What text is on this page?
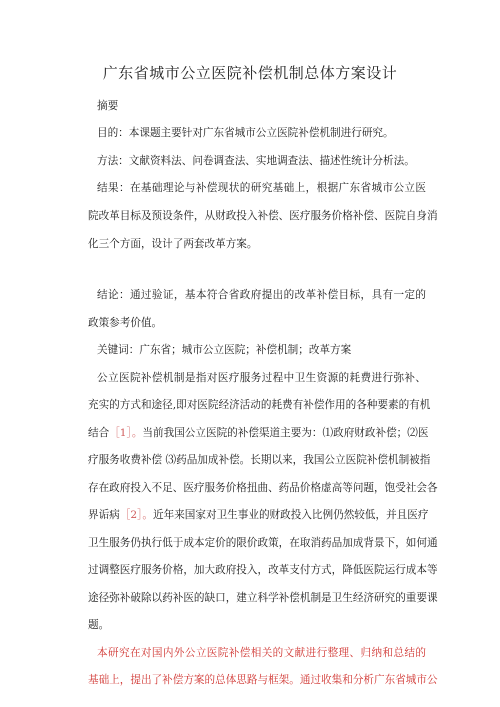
广东省城市公立医院补偿机制总体方案设计
摘要
目的：本课题主要针对广东省城市公立医院补偿机制进行研究。
方法：文献资料法、问卷调查法、实地调查法、描述性统计分析法。
结果：在基础理论与补偿现状的研究基础上，根据广东省城市公立医
院改革目标及预设条件，从财政投入补偿、医疗服务价格补偿、医院自身消
化三个方面，设计了两套改革方案。
结论：通过验证，基本符合省政府提出的改革补偿目标，具有一定的
政策参考价值。
关键词：广东省；城市公立医院；补偿机制；改革方案
公立医院补偿机制是指对医疗服务过程中卫生资源的耗费进行弥补、
充实的方式和途径,即对医院经济活动的耗费有补偿作用的各种要素的有机
结合［1］。当前我国公立医院的补偿渠道主要为：⑴政府财政补偿；⑵医
疗服务收费补偿 ⑶药品加成补偿。长期以来，我国公立医院补偿机制被指
存在政府投入不足、医疗服务价格扭曲、药品价格虚高等问题，饱受社会各
界诟病［2］。近年来国家对卫生事业的财政投入比例仍然较低，并且医疗
卫生服务仍执行低于成本定价的限价政策，在取消药品加成背景下，如何通
过调整医疗服务价格，加大政府投入，改革支付方式，降低医院运行成本等
途径弥补破除以药补医的缺口，建立科学补偿机制是卫生经济研究的重要课
题。
本研究在对国内外公立医院补偿相关的文献进行整理、归纳和总结的
基础上，提出了补偿方案的总体思路与框架。通过收集和分析广东省城市公
